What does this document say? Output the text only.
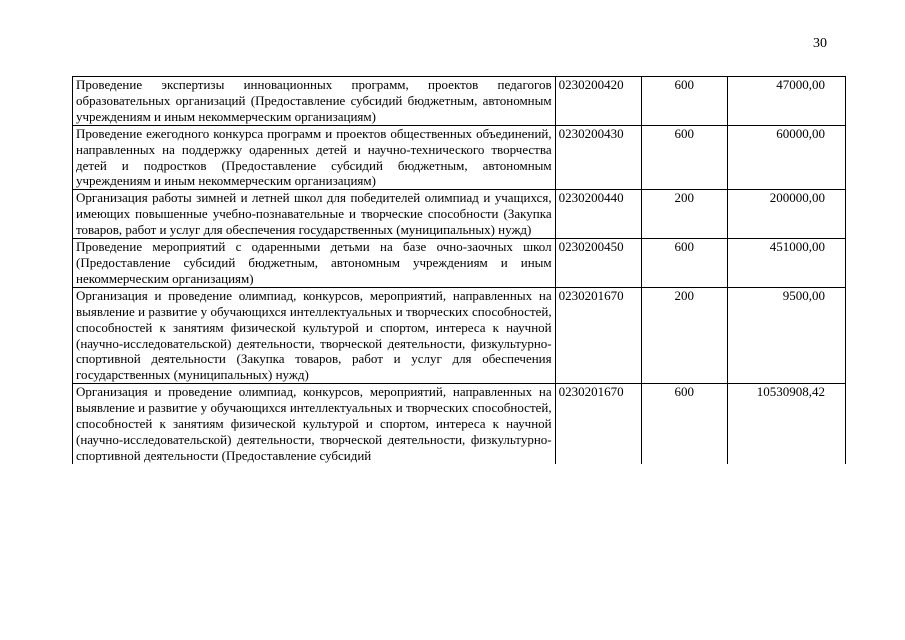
30
Проведение экспертизы инновационных программ, проектов педагогов образовательных организаций (Предоставление субсидий бюджетным, автономным учреждениям и иным некоммерческим организациям)	0230200420	600	47000,00
Проведение ежегодного конкурса программ и проектов общественных объединений, направленных на поддержку одаренных детей и научно-технического творчества детей и подростков (Предоставление субсидий бюджетным, автономным учреждениям и иным некоммерческим организациям)	0230200430	600	60000,00
Организация работы зимней и летней школ для победителей олимпиад и учащихся, имеющих повышенные учебно-познавательные и творческие способности (Закупка товаров, работ и услуг для обеспечения государственных (муниципальных) нужд)	0230200440	200	200000,00
Проведение мероприятий с одаренными детьми на базе очно-заочных школ (Предоставление субсидий бюджетным, автономным учреждениям и иным некоммерческим организациям)	0230200450	600	451000,00
Организация и проведение олимпиад, конкурсов, мероприятий, направленных на выявление и развитие у обучающихся интеллектуальных и творческих способностей, способностей к занятиям физической культурой и спортом, интереса к научной (научно-исследовательской) деятельности, творческой деятельности, физкультурно-спортивной деятельности (Закупка товаров, работ и услуг для обеспечения государственных (муниципальных) нужд)	0230201670	200	9500,00
Организация и проведение олимпиад, конкурсов, мероприятий, направленных на выявление и развитие у обучающихся интеллектуальных и творческих способностей, способностей к занятиям физической культурой и спортом, интереса к научной (научно-исследовательской) деятельности, творческой деятельности, физкультурно-спортивной деятельности (Предоставление субсидий	0230201670	600	10530908,42
